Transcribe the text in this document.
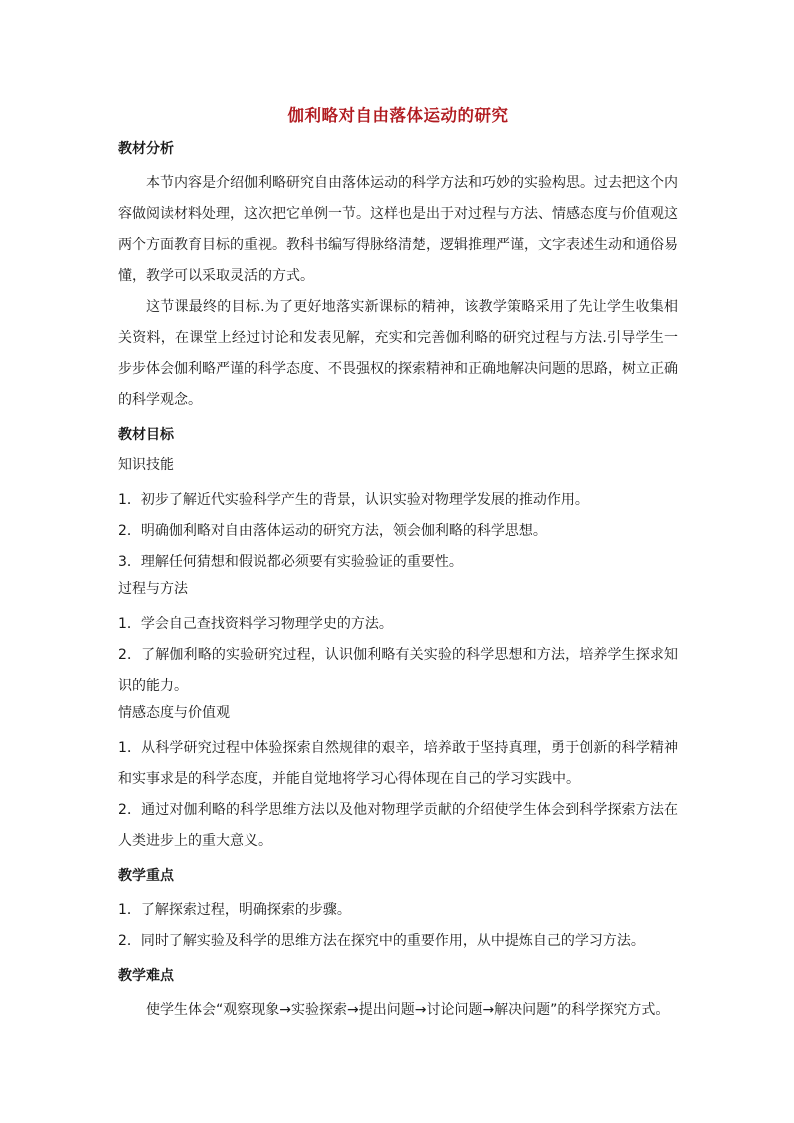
伽利略对自由落体运动的研究
教材分析

本节内容是介绍伽利略研究自由落体运动的科学方法和巧妙的实验构思。过去把这个内容做阅读材料处理，这次把它单例一节。这样也是出于对过程与方法、情感态度与价值观这两个方面教育目标的重视。教科书编写得脉络清楚，逻辑推理严谨，文字表述生动和通俗易懂，教学可以采取灵活的方式。

这节课最终的目标.为了更好地落实新课标的精神，该教学策略采用了先让学生收集相关资料，在课堂上经过讨论和发表见解，充实和完善伽利略的研究过程与方法.引导学生一步步体会伽利略严谨的科学态度、不畏强权的探索精神和正确地解决问题的思路，树立正确的科学观念。

教材目标
知识技能

1．初步了解近代实验科学产生的背景，认识实验对物理学发展的推动作用。

2．明确伽利略对自由落体运动的研究方法，领会伽利略的科学思想。

3．理解任何猜想和假说都必须要有实验验证的重要性。

过程与方法

1．学会自己查找资料学习物理学史的方法。

2．了解伽利略的实验研究过程，认识伽利略有关实验的科学思想和方法，培养学生探求知识的能力。

情感态度与价值观

1．从科学研究过程中体验探索自然规律的艰辛，培养敢于坚持真理，勇于创新的科学精神和实事求是的科学态度，并能自觉地将学习心得体现在自己的学习实践中。

2．通过对伽利略的科学思维方法以及他对物理学贡献的介绍使学生体会到科学探索方法在人类进步上的重大意义。

教学重点

1．了解探索过程，明确探索的步骤。

2．同时了解实验及科学的思维方法在探究中的重要作用，从中提炼自己的学习方法。

教学难点

使学生体会“观察现象→实验探索→提出问题→讨论问题→解决问题”的科学探究方式。
